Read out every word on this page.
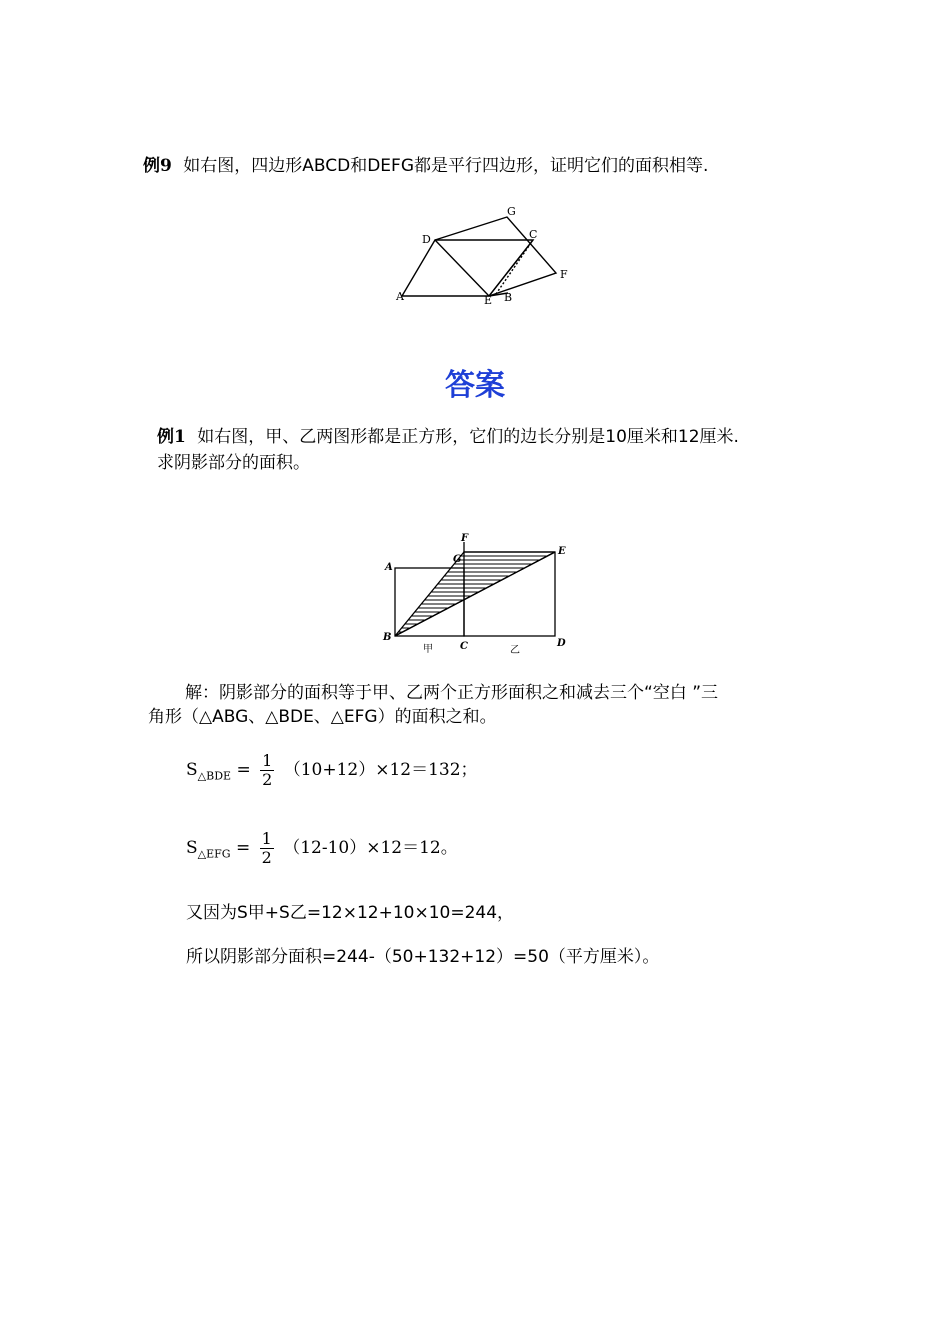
例9 如右图，四边形ABCD和DEFG都是平行四边形，证明它们的面积相等.
D
G
C
F
A	E B
答案
例1 如右图，甲、乙两图形都是正方形，它们的边长分别是10厘米和12厘米.
求阴影部分的面积。
F
G
A
E
B
C	D
甲	乙
解：阴影部分的面积等于甲、乙两个正方形面积之和减去三个“空白 ”三
角形（△ABG、△BDE、△EFG）的面积之和。
$S_{\triangle BDE} = \frac{1}{2} (10+12)\times 12=132$；
$S_{\triangle EFG} = \frac{1}{2} (12-10)\times 12=12$。
又因为S甲+S乙=12×12+10×10=244，
所以阴影部分面积=244-（50+132+12）=50（平方厘米）。
